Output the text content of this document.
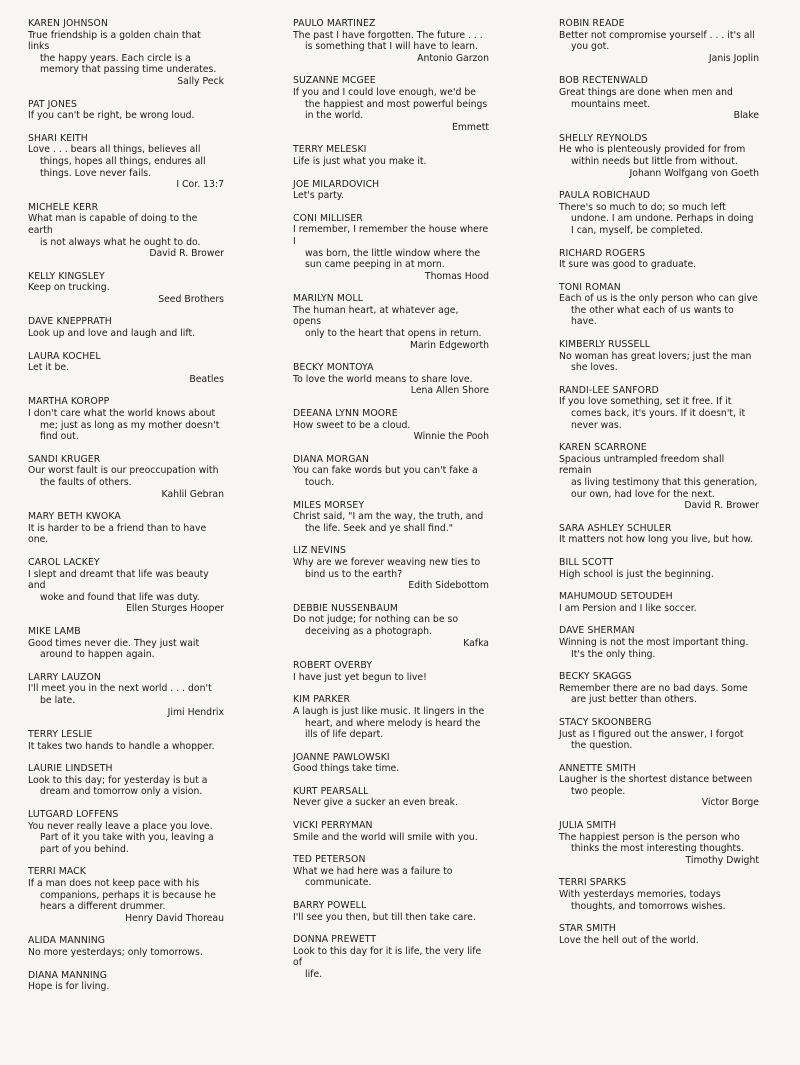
KAREN JOHNSON
True friendship is a golden chain that links
the happy years. Each circle is a
memory that passing time underates.
Sally Peck
PAT JONES
If you can't be right, be wrong loud.
SHARI KEITH
Love . . . bears all things, believes all
things, hopes all things, endures all
things. Love never fails.
I Cor. 13:7
MICHELE KERR
What man is capable of doing to the earth
is not always what he ought to do.
David R. Brower
KELLY KINGSLEY
Keep on trucking.
Seed Brothers
DAVE KNEPPRATH
Look up and love and laugh and lift.
LAURA KOCHEL
Let it be.
Beatles
MARTHA KOROPP
I don't care what the world knows about
me; just as long as my mother doesn't
find out.
SANDI KRUGER
Our worst fault is our preoccupation with
the faults of others.
Kahlil Gebran
MARY BETH KWOKA
It is harder to be a friend than to have one.
CAROL LACKEY
I slept and dreamt that life was beauty and
woke and found that life was duty.
Ellen Sturges Hooper
MIKE LAMB
Good times never die. They just wait
around to happen again.
LARRY LAUZON
I'll meet you in the next world . . . don't
be late.
Jimi Hendrix
TERRY LESLIE
It takes two hands to handle a whopper.
LAURIE LINDSETH
Look to this day; for yesterday is but a
dream and tomorrow only a vision.
LUTGARD LOFFENS
You never really leave a place you love.
Part of it you take with you, leaving a
part of you behind.
TERRI MACK
If a man does not keep pace with his
companions, perhaps it is because he
hears a different drummer.
Henry David Thoreau
ALIDA MANNING
No more yesterdays; only tomorrows.
DIANA MANNING
Hope is for living.
PAULO MARTINEZ
The past I have forgotten. The future . . .
is something that I will have to learn.
Antonio Garzon
SUZANNE MCGEE
If you and I could love enough, we'd be
the happiest and most powerful beings
in the world.
Emmett
TERRY MELESKI
Life is just what you make it.
JOE MILARDOVICH
Let's party.
CONI MILLISER
I remember, I remember the house where I
was born, the little window where the
sun came peeping in at morn.
Thomas Hood
MARILYN MOLL
The human heart, at whatever age, opens
only to the heart that opens in return.
Marin Edgeworth
BECKY MONTOYA
To love the world means to share love.
Lena Allen Shore
DEEANA LYNN MOORE
How sweet to be a cloud.
Winnie the Pooh
DIANA MORGAN
You can fake words but you can't fake a
touch.
MILES MORSEY
Christ said, "I am the way, the truth, and
the life. Seek and ye shall find."
LIZ NEVINS
Why are we forever weaving new ties to
bind us to the earth?
Edith Sidebottom
DEBBIE NUSSENBAUM
Do not judge; for nothing can be so
deceiving as a photograph.
Kafka
ROBERT OVERBY
I have just yet begun to live!
KIM PARKER
A laugh is just like music. It lingers in the
heart, and where melody is heard the
ills of life depart.
JOANNE PAWLOWSKI
Good things take time.
KURT PEARSALL
Never give a sucker an even break.
VICKI PERRYMAN
Smile and the world will smile with you.
TED PETERSON
What we had here was a failure to
communicate.
BARRY POWELL
I'll see you then, but till then take care.
DONNA PREWETT
Look to this day for it is life, the very life of
life.
ROBIN READE
Better not compromise yourself . . . it's all
you got.
Janis Joplin
BOB RECTENWALD
Great things are done when men and
mountains meet.
Blake
SHELLY REYNOLDS
He who is plenteously provided for from
within needs but little from without.
Johann Wolfgang von Goeth
PAULA ROBICHAUD
There's so much to do; so much left
undone. I am undone. Perhaps in doing
I can, myself, be completed.
RICHARD ROGERS
It sure was good to graduate.
TONI ROMAN
Each of us is the only person who can give
the other what each of us wants to
have.
KIMBERLY RUSSELL
No woman has great lovers; just the man
she loves.
RANDI-LEE SANFORD
If you love something, set it free. If it
comes back, it's yours. If it doesn't, it
never was.
KAREN SCARRONE
Spacious untrampled freedom shall remain
as living testimony that this generation,
our own, had love for the next.
David R. Brower
SARA ASHLEY SCHULER
It matters not how long you live, but how.
BILL SCOTT
High school is just the beginning.
MAHUMOUD SETOUDEH
I am Persion and I like soccer.
DAVE SHERMAN
Winning is not the most important thing.
It's the only thing.
BECKY SKAGGS
Remember there are no bad days. Some
are just better than others.
STACY SKOONBERG
Just as I figured out the answer, I forgot
the question.
ANNETTE SMITH
Laugher is the shortest distance between
two people.
Victor Borge
JULIA SMITH
The happiest person is the person who
thinks the most interesting thoughts.
Timothy Dwight
TERRI SPARKS
With yesterdays memories, todays
thoughts, and tomorrows wishes.
STAR SMITH
Love the hell out of the world.
